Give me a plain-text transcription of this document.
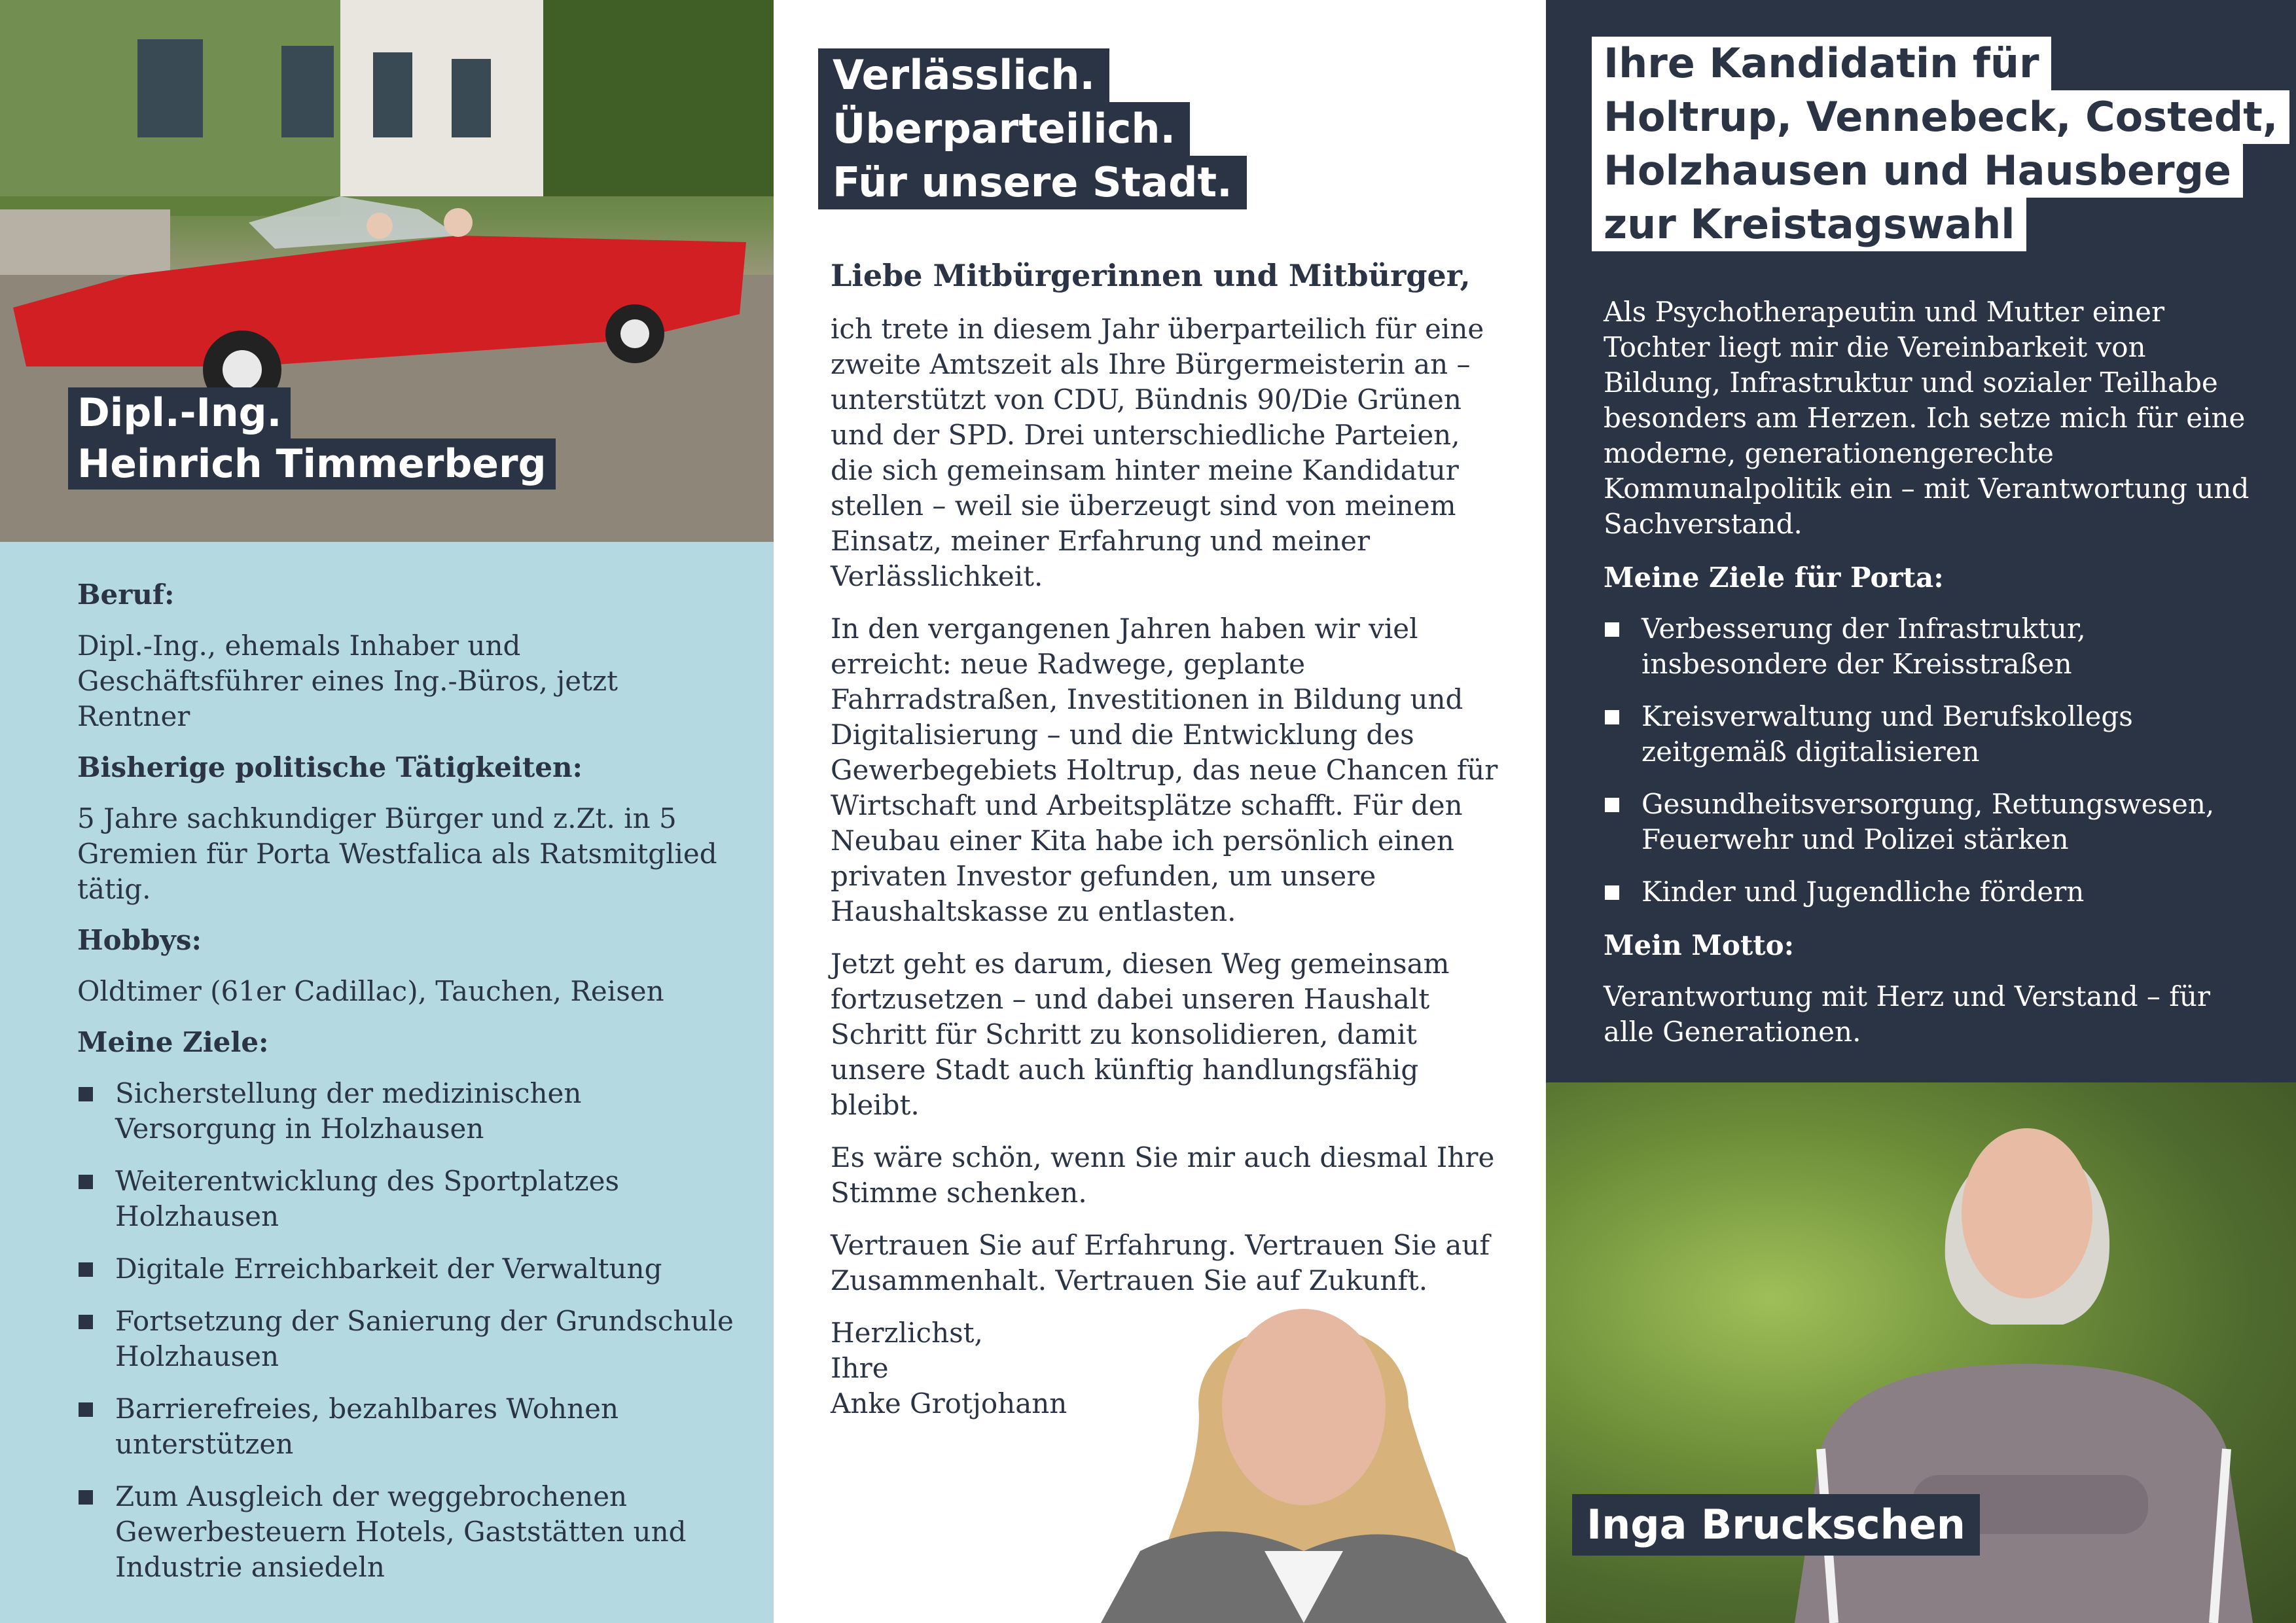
Dipl.-Ing. Heinrich Timmerberg
Beruf:
Dipl.-Ing., ehemals Inhaber und Geschäftsführer eines Ing.-Büros, jetzt Rentner
Bisherige politische Tätigkeiten:
5 Jahre sachkundiger Bürger und z.Zt. in 5 Gremien für Porta Westfalica als Ratsmitglied tätig.
Hobbys:
Oldtimer (61er Cadillac), Tauchen, Reisen
Meine Ziele:
Sicherstellung der medizinischen Versorgung in Holzhausen
Weiterentwicklung des Sportplatzes Holzhausen
Digitale Erreichbarkeit der Verwaltung
Fortsetzung der Sanierung der Grundschule Holzhausen
Barrierefreies, bezahlbares Wohnen unterstützen
Zum Ausgleich der weggebrochenen Gewerbesteuern Hotels, Gaststätten und Industrie ansiedeln
Verlässlich.
Überparteilich.
Für unsere Stadt.
Liebe Mitbürgerinnen und Mitbürger,
ich trete in diesem Jahr überparteilich für eine zweite Amtszeit als Ihre Bürgermeisterin an – unterstützt von CDU, Bündnis 90/Die Grünen und der SPD. Drei unterschiedliche Parteien, die sich gemeinsam hinter meine Kandidatur stellen – weil sie überzeugt sind von meinem Einsatz, meiner Erfahrung und meiner Verlässlichkeit.
In den vergangenen Jahren haben wir viel erreicht: neue Radwege, geplante Fahrradstraßen, Investitionen in Bildung und Digitalisierung – und die Entwicklung des Gewerbegebiets Holtrup, das neue Chancen für Wirtschaft und Arbeitsplätze schafft. Für den Neubau einer Kita habe ich persönlich einen privaten Investor gefunden, um unsere Haushaltskasse zu entlasten.
Jetzt geht es darum, diesen Weg gemeinsam fortzusetzen – und dabei unseren Haushalt Schritt für Schritt zu konsolidieren, damit unsere Stadt auch künftig handlungsfähig bleibt.
Es wäre schön, wenn Sie mir auch diesmal Ihre Stimme schenken.
Vertrauen Sie auf Erfahrung. Vertrauen Sie auf Zusammenhalt. Vertrauen Sie auf Zukunft.
Herzlichst,
Ihre
Anke Grotjohann
Ihre Kandidatin für
Holtrup, Vennebeck, Costedt,
Holzhausen und Hausberge
zur Kreistagswahl
Als Psychotherapeutin und Mutter einer Tochter liegt mir die Vereinbarkeit von Bildung, Infrastruktur und sozialer Teilhabe besonders am Herzen. Ich setze mich für eine moderne, generationengerechte Kommunalpolitik ein – mit Verantwortung und Sachverstand.
Meine Ziele für Porta:
Verbesserung der Infrastruktur, insbesondere der Kreisstraßen
Kreisverwaltung und Berufskollegs zeitgemäß digitalisieren
Gesundheitsversorgung, Rettungswesen, Feuerwehr und Polizei stärken
Kinder und Jugendliche fördern
Mein Motto:
Verantwortung mit Herz und Verstand – für alle Generationen.
Inga Bruckschen
